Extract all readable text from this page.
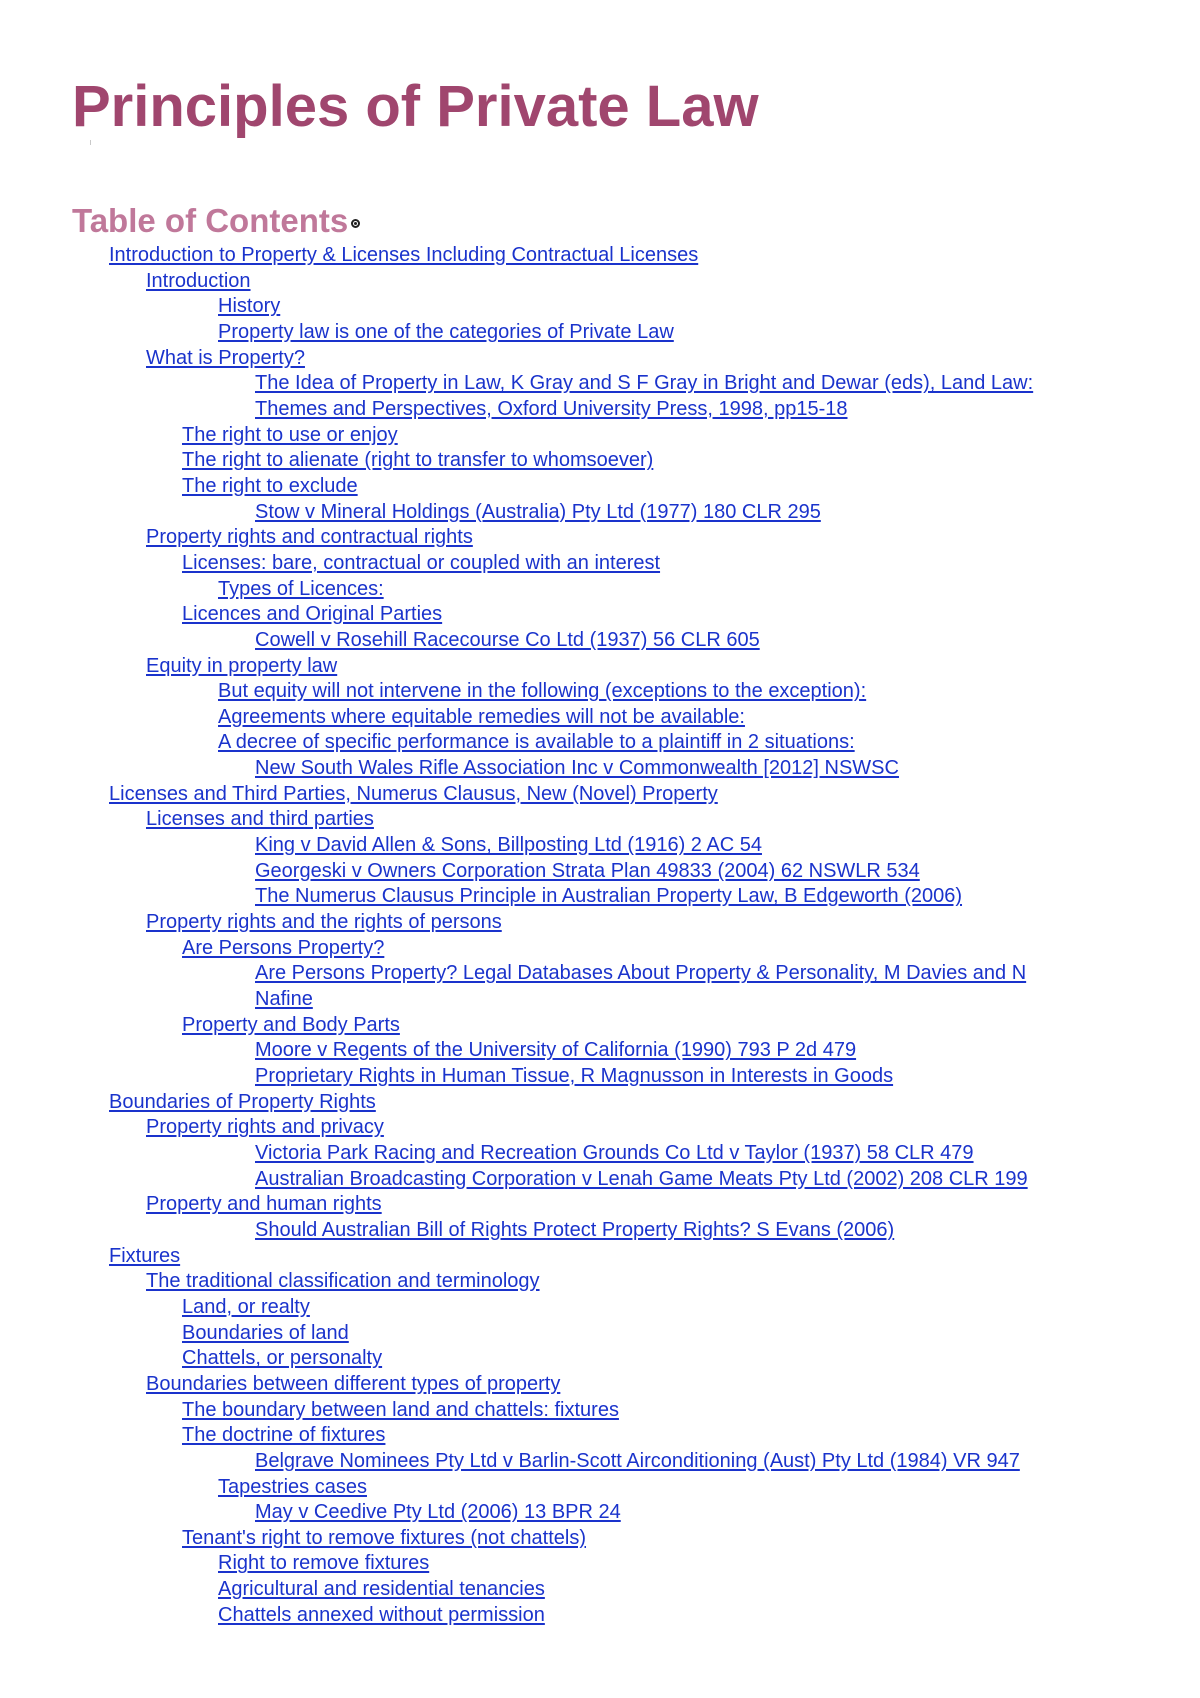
Principles of Private Law
Table of Contents
Introduction to Property & Licenses Including Contractual Licenses
Introduction
History
Property law is one of the categories of Private Law
What is Property?
The Idea of Property in Law, K Gray and S F Gray in Bright and Dewar (eds), Land Law:
Themes and Perspectives, Oxford University Press, 1998, pp15-18
The right to use or enjoy
The right to alienate (right to transfer to whomsoever)
The right to exclude
Stow v Mineral Holdings (Australia) Pty Ltd (1977) 180 CLR 295
Property rights and contractual rights
Licenses: bare, contractual or coupled with an interest
Types of Licences:
Licences and Original Parties
Cowell v Rosehill Racecourse Co Ltd (1937) 56 CLR 605
Equity in property law
But equity will not intervene in the following (exceptions to the exception):
Agreements where equitable remedies will not be available:
A decree of specific performance is available to a plaintiff in 2 situations:
New South Wales Rifle Association Inc v Commonwealth [2012] NSWSC
Licenses and Third Parties, Numerus Clausus, New (Novel) Property
Licenses and third parties
King v David Allen & Sons, Billposting Ltd (1916) 2 AC 54
Georgeski v Owners Corporation Strata Plan 49833 (2004) 62 NSWLR 534
The Numerus Clausus Principle in Australian Property Law, B Edgeworth (2006)
Property rights and the rights of persons
Are Persons Property?
Are Persons Property? Legal Databases About Property & Personality, M Davies and N
Nafine
Property and Body Parts
Moore v Regents of the University of California (1990) 793 P 2d 479
Proprietary Rights in Human Tissue, R Magnusson in Interests in Goods
Boundaries of Property Rights
Property rights and privacy
Victoria Park Racing and Recreation Grounds Co Ltd v Taylor (1937) 58 CLR 479
Australian Broadcasting Corporation v Lenah Game Meats Pty Ltd (2002) 208 CLR 199
Property and human rights
Should Australian Bill of Rights Protect Property Rights? S Evans (2006)
Fixtures
The traditional classification and terminology
Land, or realty
Boundaries of land
Chattels, or personalty
Boundaries between different types of property
The boundary between land and chattels: fixtures
The doctrine of fixtures
Belgrave Nominees Pty Ltd v Barlin-Scott Airconditioning (Aust) Pty Ltd (1984) VR 947
Tapestries cases
May v Ceedive Pty Ltd (2006) 13 BPR 24
Tenant's right to remove fixtures (not chattels)
Right to remove fixtures
Agricultural and residential tenancies
Chattels annexed without permission
